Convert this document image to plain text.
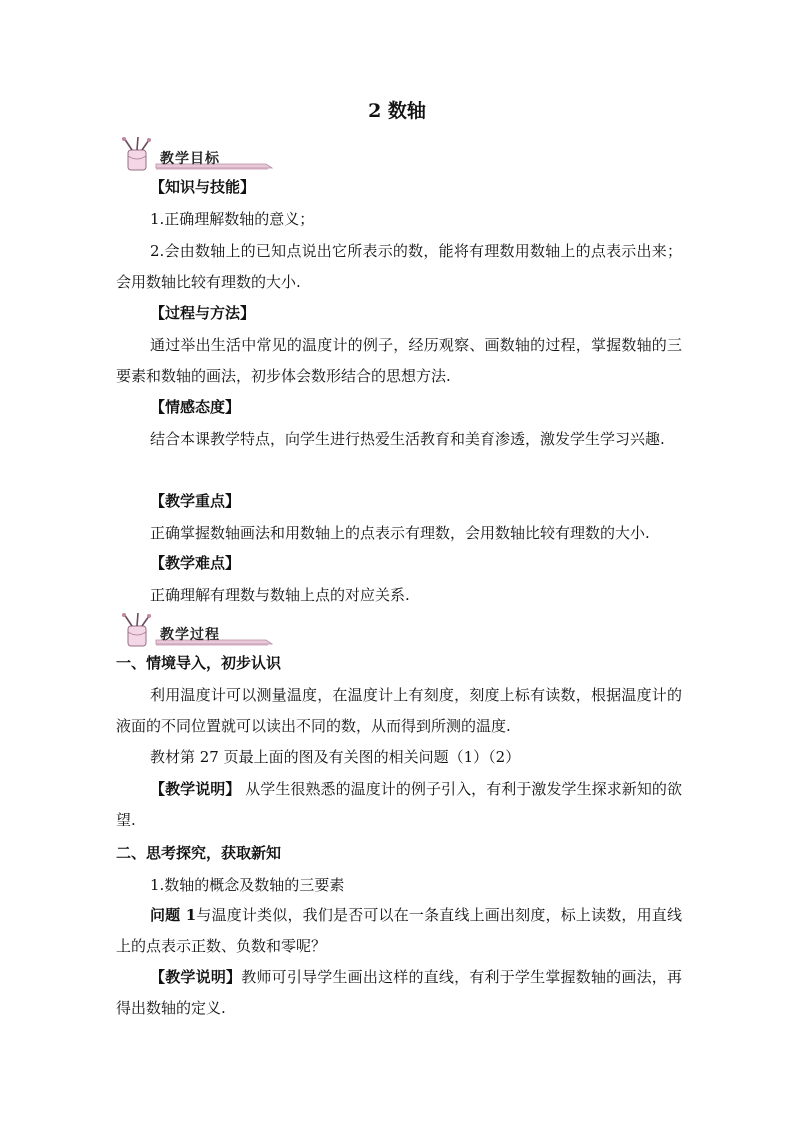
2 数轴
教学目标
【知识与技能】
1.正确理解数轴的意义；
2.会由数轴上的已知点说出它所表示的数，能将有理数用数轴上的点表示出来；会用数轴比较有理数的大小.
【过程与方法】
通过举出生活中常见的温度计的例子，经历观察、画数轴的过程，掌握数轴的三要素和数轴的画法，初步体会数形结合的思想方法.
【情感态度】
结合本课教学特点，向学生进行热爱生活教育和美育渗透，激发学生学习兴趣.
【教学重点】
正确掌握数轴画法和用数轴上的点表示有理数，会用数轴比较有理数的大小.
【教学难点】
正确理解有理数与数轴上点的对应关系.
教学过程
一、情境导入，初步认识
利用温度计可以测量温度，在温度计上有刻度，刻度上标有读数，根据温度计的液面的不同位置就可以读出不同的数，从而得到所测的温度.
教材第 27 页最上面的图及有关图的相关问题（1）（2）
【教学说明】 从学生很熟悉的温度计的例子引入，有利于激发学生探求新知的欲望.
二、思考探究，获取新知
1.数轴的概念及数轴的三要素
问题 1与温度计类似，我们是否可以在一条直线上画出刻度，标上读数，用直线上的点表示正数、负数和零呢？
【教学说明】教师可引导学生画出这样的直线，有利于学生掌握数轴的画法，再得出数轴的定义.
